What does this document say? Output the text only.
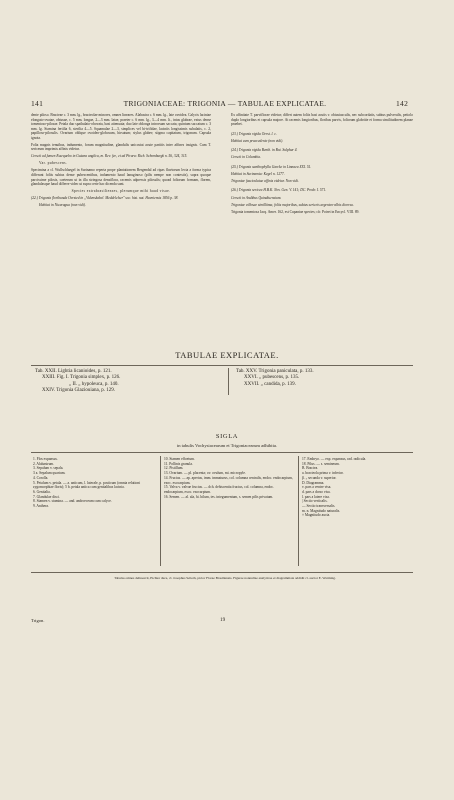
141	TRIGONIACEAE: TRIGONIA — TABULAE EXPLICATAE.	142

dente piloso. Bracteae c. 3 mm. lg., bracteolae minores, omnes lineares. Alabastra c. 6 mm. lg., late ovoidea. Calycis laciniae elongato-ovatae, obtusae, c. 5 mm. longae, 2—3 mm. latae, praeter c. 6 mm. lg., 3—4 mm. lt., intus glabrae, extus dense tomentoso-pilosae. Petala duo spathulato-obovata, basi attenuata; duo late oblonga introrsum saccata; quintum saccatum c. 3 mm. lg. Stamina fertilia 6, sterilia 4—5. Squamulae 2—3, simplices vel bi-trifidae, laciniis longissimis subulatis, c. 2, papilloso-pilosulis. Ovarium oblique ovoideo-globosum, hirsutum; stylus glaber; stigma capitatum, trigonum. Capsula ignota.

Folia magnis tenuibus, indumento, forum magnitudine, glandulis unicostat acute partitis inter affines insignis. Cum T. sericeum imprimis affinis videtur.

Crescit ad fumen Essequebo in Guiana anglica, m. Rev. fer., et ad Pirara: Rich. Schomburgk n. 56, 324, 315.

Var. pubescens.

Specimina a cl. Wullschlaegel in Surinamo reperta prope plantationem Bergendal ad ripas fluviorum lecta a forma typica differunt foliis subtus dense pubescentibus, indumento haud lanuginoso (pilis nempe non contextis), supra quoque parcissime pilosis, caeterum ut in illa stringosa densiflora, racemis adpressis pilosulis; quoad foliorum formam, florem, glandulasque haud differre video ut supra certe hac dicenda sunt.

Species extrabrasilienses, plerumque mihi haud visae.

(22.) Trigonia floribunda Oersted in „Videnskabel. Meddelelser" soc. hist. nat. Havniensis 1856 p. 38.

Habitat in Nicaragua (non vidi).

Ex affinitate T. parviflorae videtur; differt autem foliis basi acutis v. obtusiusculis, nec subcordatis, subtus pulverulis, petiolo duplo longioribus et capsula majore. At racemis longioribus, floribus parvis, foliorum glabritie et forma similitudinem planae praebet.

(23.) Trigonia rigida Oerst. l. c.

Habitat cum praecedente (non vidi).

(24.) Trigonia rigida Benth. in Bot. Sulphur 4.

Crescit in Columbia.

(25.) Trigonia xanthophylla Garcke in Linnaea XXI. 51.

Habitat in Surinamia: Kegel n. 1277.

Trigoniae fasciculatae affinis videtur. Non vidi.

(26.) Trigonia sericea H.B.K. Nov. Gen. V. 141; DC. Prodr. I. 571.

Crescit in Andibus Quindiuensium.

Trigoniae villosae similliima, foliis majoribus, subtus sericeis argenteo-albis diversa.

Trigonia tomentosa Jacq. Amer. 162, est Cupaniae species; cfr. Poiret in Encycl. VIII. 89.

TABULAE EXPLICATAE.
Tab. XXII. Lightia licanioides, p. 121.
XXIII. Fig. I. Trigonia simplex, p. 126.
„ II. „ hypoleuca, p. 140.
XXIV. Trigonia Glaziouiana, p. 129.
Tab. XXV. Trigonia paniculata, p. 133.
XXVI. „ pubescens, p. 135.
XXVII. „ candida, p. 139.
SIGLA
in tabulis Vochysiacearum et Trigoniacearum adhibita.
1. Flos expansus.
2. Alabastrum.
3. Sepalum v. sepala.
3 a. Sepalum quartum.
4. Corolla.
5. Petalum v. petala. — a. anticum, l. laterale, p. posticum (omnia relationi zygomorphiae floris); 5 b. petala antica cum genitalibus lacinia.
6. Genitalia.
7. Glandulae disci.
8. Stamen v. stamina. — and. androeceum cum calyce.
9. Anthera.
10. Stamen effoetum.
11. Pollinis granula.
12. Pistillum.
13. Ovarium. — pl. placenta; ov. ovulum, mi. micropyle.
14. Fructus. — ap. apertus, imm. immaturus, col. columna centralis, endoc. endocarpium, exoc. exocarpium.
15. Valva v. valvae fructus. — dch. dehiscentia fructus, col. columna, endoc. endocarpium, exoc. exocarpium.
16. Semen. — al. ala, hi. hilum, tes. integumentum, s. semen pilis privatum.
17. Embryo. — exp. expansus, rad. radicula.
18. Pilus. — s. semineum.
B. Bractea.
a. bracteola prima v. inferior.
β. „ secunda v. superior.
D. Diagramma.
v. pars a ventre visa.
d. pars a dorso visa.
l. pars a latere visa.
| Sectio verticalis.
— Sectio transversalis.
m. n. Magnitudo naturalis.
× Magnitudo aucta.
Tabulas omnes delineavit, Eichler duce, cl. Josephus Seboth, pictor Florae Brasiliensis. Figurae nonnullae analyticae et diagrammata addidit cl. auctor E. Warming.
Trigon.	19
